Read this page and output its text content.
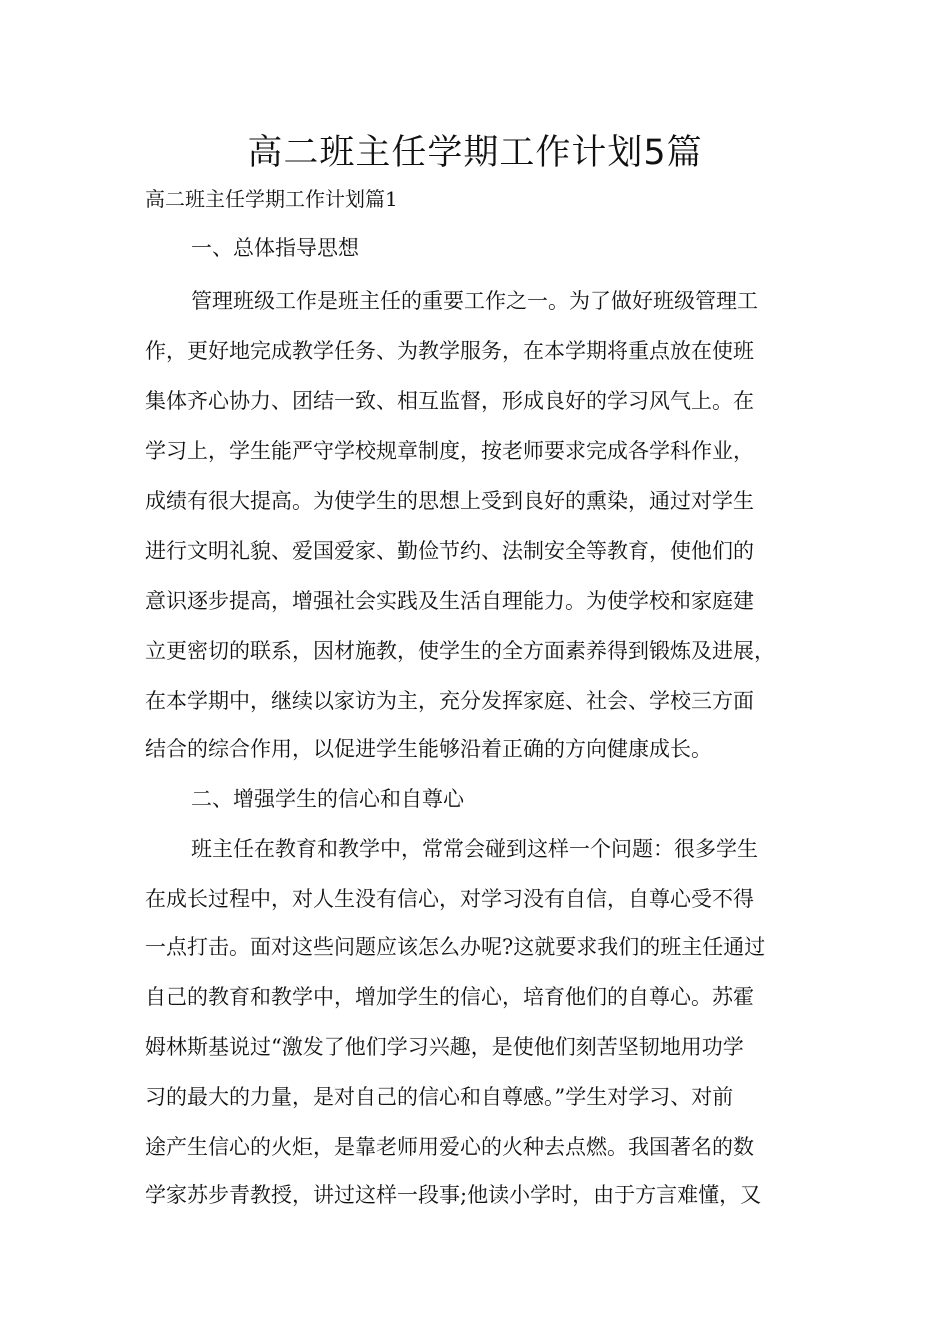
高二班主任学期工作计划5篇

高二班主任学期工作计划篇1

一、总体指导思想

管理班级工作是班主任的重要工作之一。为了做好班级管理工

作，更好地完成教学任务、为教学服务，在本学期将重点放在使班

集体齐心协力、团结一致、相互监督，形成良好的学习风气上。在

学习上，学生能严守学校规章制度，按老师要求完成各学科作业，

成绩有很大提高。为使学生的思想上受到良好的熏染，通过对学生

进行文明礼貌、爱国爱家、勤俭节约、法制安全等教育，使他们的

意识逐步提高，增强社会实践及生活自理能力。为使学校和家庭建

立更密切的联系，因材施教，使学生的全方面素养得到锻炼及进展，

在本学期中，继续以家访为主，充分发挥家庭、社会、学校三方面

结合的综合作用，以促进学生能够沿着正确的方向健康成长。

二、增强学生的信心和自尊心

班主任在教育和教学中，常常会碰到这样一个问题：很多学生

在成长过程中，对人生没有信心，对学习没有自信，自尊心受不得

一点打击。面对这些问题应该怎么办呢?这就要求我们的班主任通过

自己的教育和教学中，增加学生的信心，培育他们的自尊心。苏霍

姆林斯基说过“激发了他们学习兴趣，是使他们刻苦坚韧地用功学

习的最大的力量，是对自己的信心和自尊感。”学生对学习、对前

途产生信心的火炬，是靠老师用爱心的火种去点燃。我国著名的数

学家苏步青教授，讲过这样一段事;他读小学时，由于方言难懂，又
